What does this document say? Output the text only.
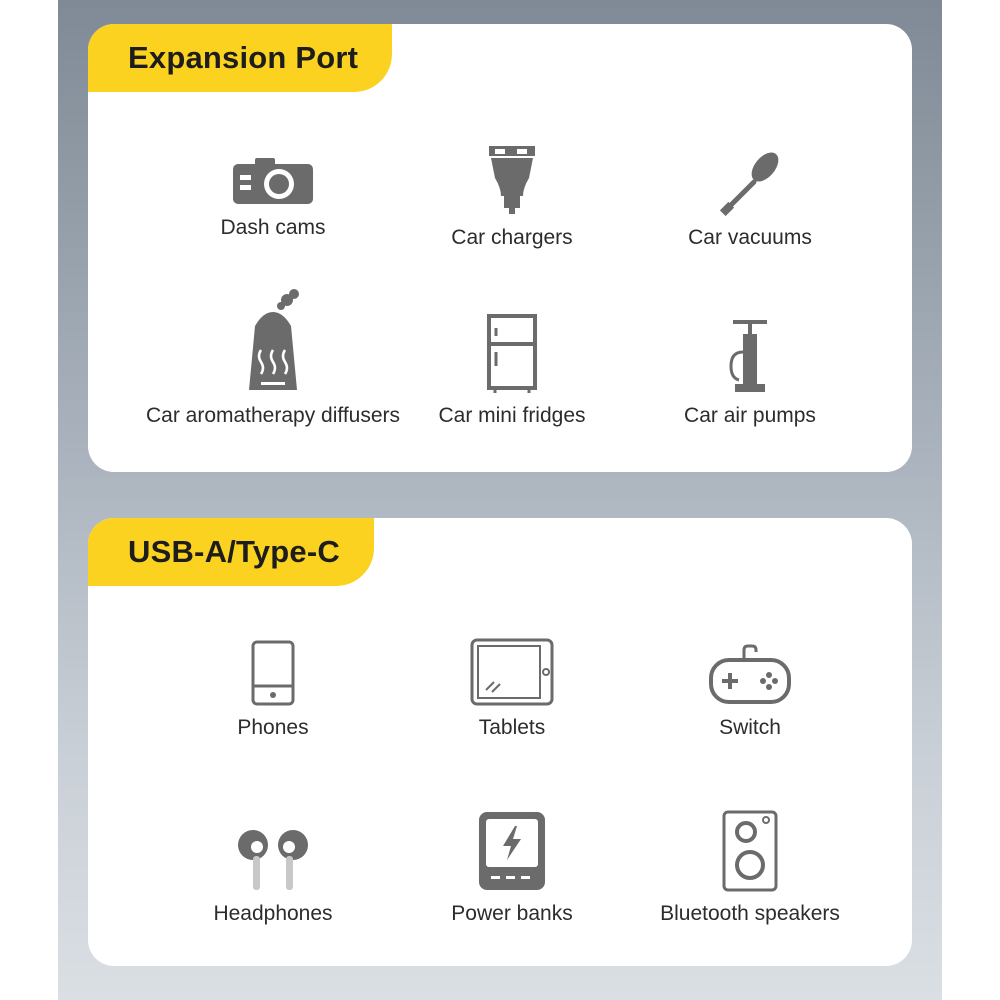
Expansion Port
Dash cams	Car chargers	Car vacuums
Car aromatherapy diffusers	Car mini fridges	Car air pumps
USB-A/Type-C
Phones	Tablets	Switch
Headphones	Power banks	Bluetooth speakers
